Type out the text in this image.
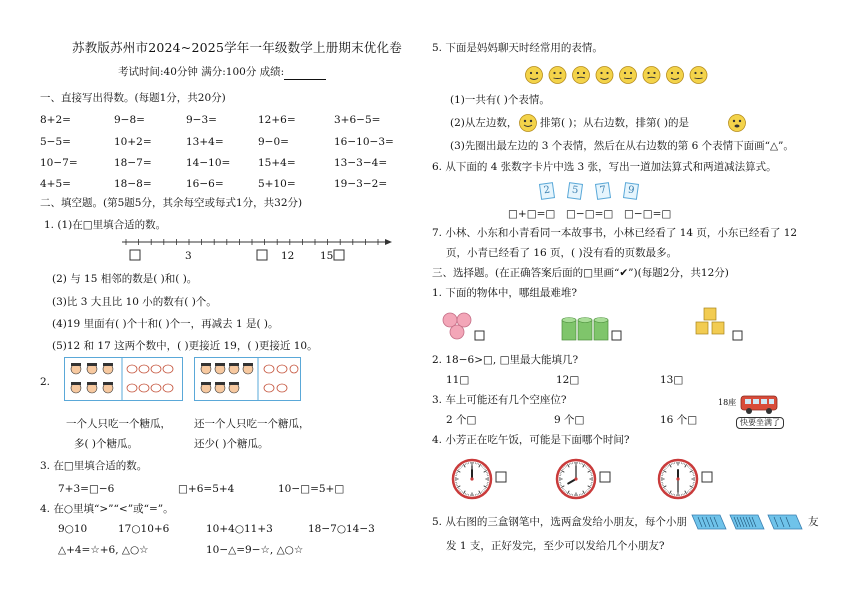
苏教版苏州市2024~2025学年一年级数学上册期末优化卷
考试时间:40分钟 满分:100分 成绩:
一、直接写出得数。(每题1分，共20分)
8+2=	9−8=	9−3=	12+6=	3+6−5=
5−5=	10+2=	13+4=	9−0=	16−10−3=
10−7=	18−7=	14−10=	15+4=	13−3−4=
4+5=	18−8=	16−6=	5+10=	19−3−2=
二、填空题。(第5题5分，其余每空或每式1分，共32分)
1. (1)在□里填合适的数。
3	12 15
(2) 与 15 相邻的数是( )和( )。
(3)比 3 大且比 10 小的数有( )个。
(4)19 里面有( )个十和( )个一，再减去 1 是( )。
(5)12 和 17 这两个数中，( )更接近 19，( )更接近 10。
2.
一个人只吃一个糖瓜，
多( )个糖瓜。
还一个人只吃一个糖瓜，
还少( )个糖瓜。
3. 在□里填合适的数。
7+3=□−6	□+6=5+4	10−□=5+□
4. 在○里填“>”“<”或“=”。
9○10	17○10+6	10+4○11+3	18−7○14−3
△+4=☆+6, △○☆	10−△=9−☆, △○☆
5. 下面是妈妈聊天时经常用的表情。
(1)一共有( )个表情。
(2)从左边数， 排第( )；从右边数，排第( )的是
(3)先圈出最左边的 3 个表情，然后在从右边数的第 6 个表情下面画“△”。
6. 从下面的 4 张数字卡片中选 3 张，写出一道加法算式和两道减法算式。
2	5	7	9
□+□=□ □−□=□ □−□=□
7. 小林、小东和小青看同一本故事书，小林已经看了 14 页，小东已经看了 12
页，小青已经看了 16 页，( )没有看的页数最多。
三、选择题。(在正确答案后面的□里画“✔”)(每题2分，共12分)
1. 下面的物体中，哪组最难堆?
2. 18−6>□, □里最大能填几?
11□	12□	13□
3. 车上可能还有几个空座位?
2 个□	9 个□	16 个□
18座
快要坐满了
4. 小芳正在吃午饭，可能是下面哪个时间?
5. 从右图的三盒钢笔中，选两盒发给小朋友，每个小朋	友
发 1 支，正好发完，至少可以发给几个小朋友?
